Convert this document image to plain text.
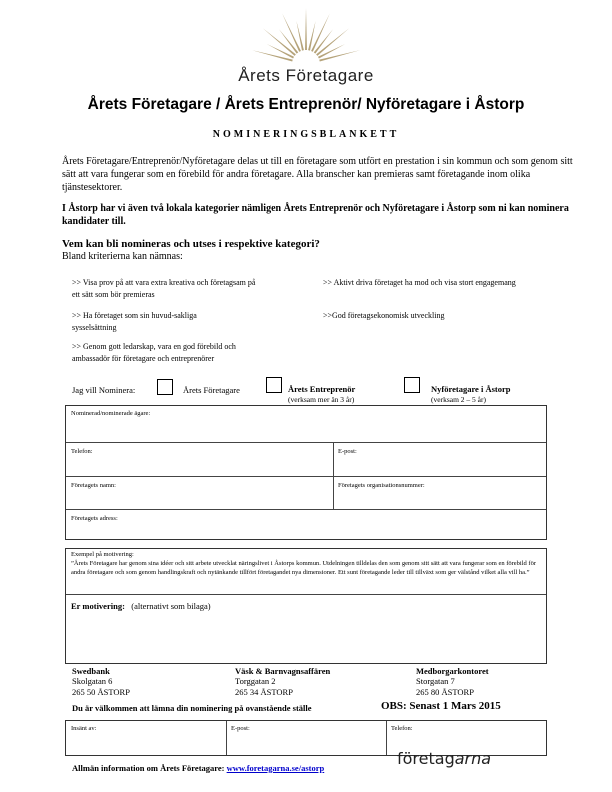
Årets Företagare
Årets Företagare / Årets Entreprenör/ Nyföretagare i Åstorp
NOMINERINGSBLANKETT
Årets Företagare/Entreprenör/Nyföretagare delas ut till en företagare som utfört en prestation i sin kommun och som genom sitt sätt att vara fungerar som en förebild för andra företagare. Alla branscher kan premieras samt företagande inom olika tjänstesektorer.
I Åstorp har vi även två lokala kategorier nämligen Årets Entreprenör och Nyföretagare i Åstorp som ni kan nominera kandidater till.
Vem kan bli nomineras och utses i respektive kategori?
Bland kriterierna kan nämnas:
>> Visa prov på att vara extra kreativa och företagsam på ett sätt som bör premieras
>> Aktivt driva företaget ha mod och visa stort engagemang
>> Ha företaget som sin huvud-sakliga sysselsättning
>>God företagsekonomisk utveckling
>> Genom gott ledarskap, vara en god förebild och ambassadör för företagare och entreprenörer
Jag vill Nominera:	Årets Företagare	Årets Entreprenör
(verksam mer än 3 år)
Nyföretagare i Åstorp
(verksam 2 – 5 år)
Nominerad/nominerade ägare:
Telefon:	E-post:
Företagets namn:	Företagets organisationsnummer:
Företagets adress:
Exempel på motivering:
”Årets Företagare har genom sina idéer och sitt arbete utvecklat näringslivet i Åstorps kommun. Utdelningen tilldelas den som genom sitt sätt att vara fungerar som en förebild för andra företagare och som genom handlingskraft och nytänkande tillfört företagandet nya dimensioner. Ett sunt företagande leder till tillväxt som ger välstånd vilket alla vill ha.”
Er motivering: (alternativt som bilaga)
Swedbank
Skolgatan 6
265 50 ÅSTORP
Väsk & Barnvagnsaffären
Torggatan 2
265 34 ÅSTORP
Medborgarkontoret
Storgatan 7
265 80 ÅSTORP
Du är välkommen att lämna din nominering på ovanstående ställe	OBS: Senast 1 Mars 2015
Insänt av:	E-post:	Telefon:
företagarna
Allmän information om Årets Företagare: www.foretagarna.se/astorp
